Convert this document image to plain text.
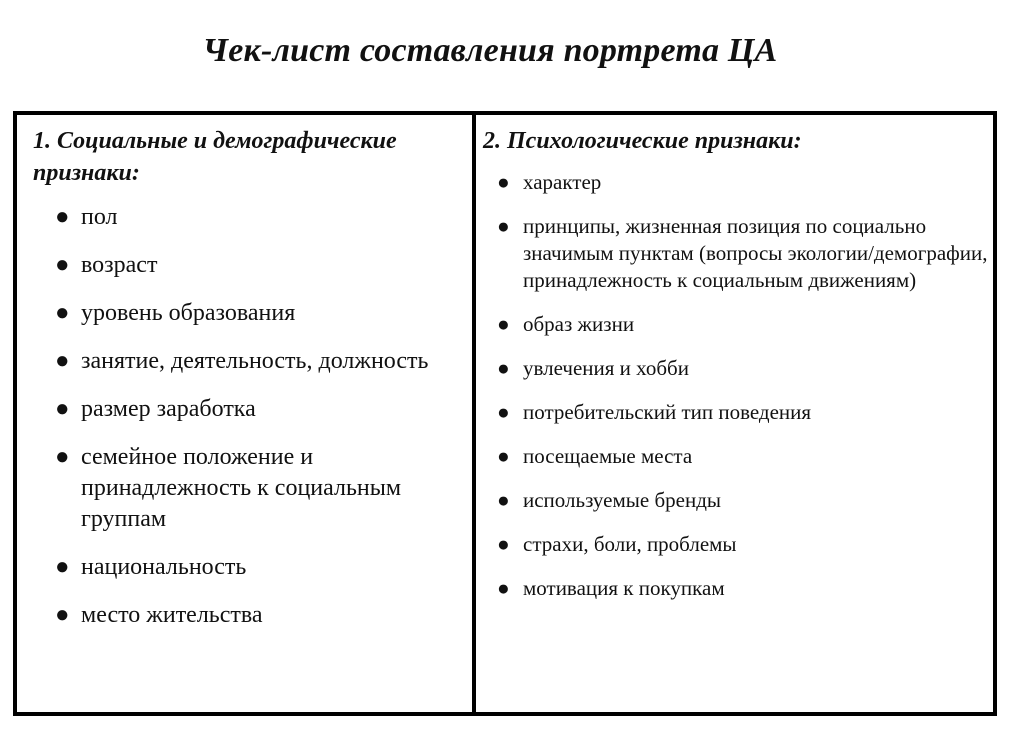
Чек-лист составления портрета ЦА
1. Социальные и демографические признаки:
● пол
● возраст
● уровень образования
● занятие, деятельность, должность
● размер заработка
● семейное положение и принадлежность к социальным группам
● национальность
● место жительства
2. Психологические признаки:
● характер
● принципы, жизненная позиция по социально значимым пунктам (вопросы экологии/демографии, принадлежность к социальным движениям)
● образ жизни
● увлечения и хобби
● потребительский тип поведения
● посещаемые места
● используемые бренды
● страхи, боли, проблемы
● мотивация к покупкам
